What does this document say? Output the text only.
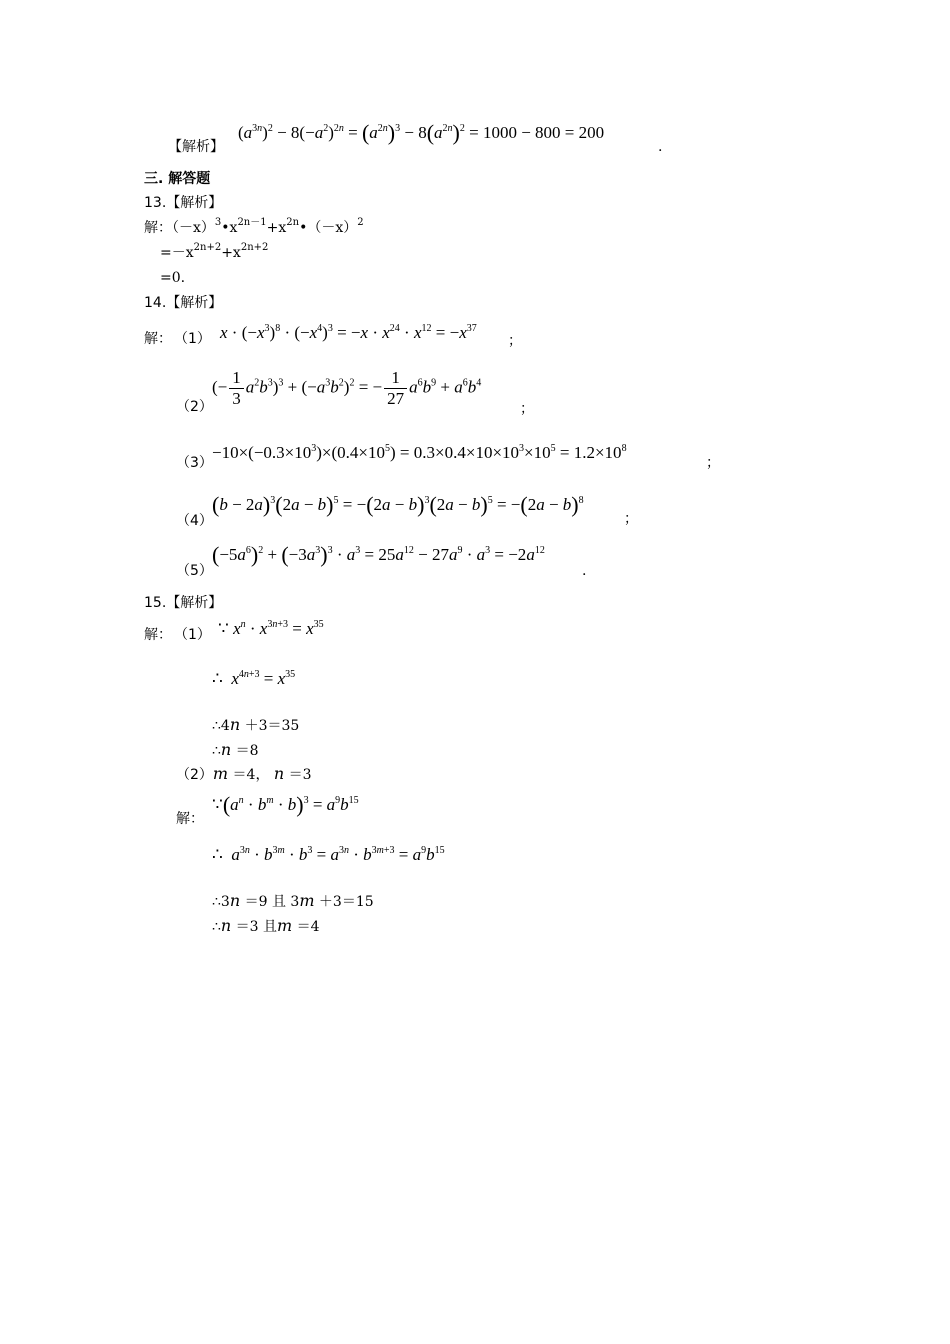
【解析】
$(a^{3n})^2 - 8(-a^2)^{2n} = (a^{2n})^3 - 8(a^{2n})^2 = 1000 - 800 = 200$
.
三. 解答题
13.【解析】
解：$(-x)^3•x^{2n-1}+x^{2n}•(-x)^2$
$=-x^{2n+2}+x^{2n+2}$
=0.
14.【解析】
解： （1） $x \cdot (-x^3)^8 \cdot (-x^4)^3 = -x \cdot x^{24} \cdot x^{12} = -x^{37}$
；
（2）
(− $\frac{1}{3} a^2b^3)^3 + (-a^3b^2)^2$ = − $\frac{1}{27} a^6b^9 + a^6b^4$
；
（3）
$-10\times(-0.3\times 10^3)\times(0.4\times 10^5) = 0.3\times 0.4\times 10\times 10^3\times 10^5 = 1.2\times 10^8$
；
（4）
$(b - 2a)^3(2a - b)^5 = -(2a - b)^3(2a - b)^5 = -(2a - b)^8$
；
（5）
$(-5a^6)^2 + (-3a^3)^3 \cdot a^3 = 25a^{12} - 27a^9 \cdot a^3 = -2a^{12}$
.
15.【解析】
解： （1） ∵ $x^n \cdot x^{3n+3} = x^{35}$
∴  $x^{4n+3} = x^{35}$
∴4n ＋3＝35
∴n ＝8
（2）m ＝4， n ＝3
解：
$\because(a^n \cdot b^m \cdot b)^3 = a^9b^{15}$
∴  $a^{3n} \cdot b^{3m} \cdot b^3 = a^{3n} \cdot b^{3m+3} = a^9b^{15}$
∴3n ＝9 且 3m ＋3＝15
∴n ＝3 且m ＝4
